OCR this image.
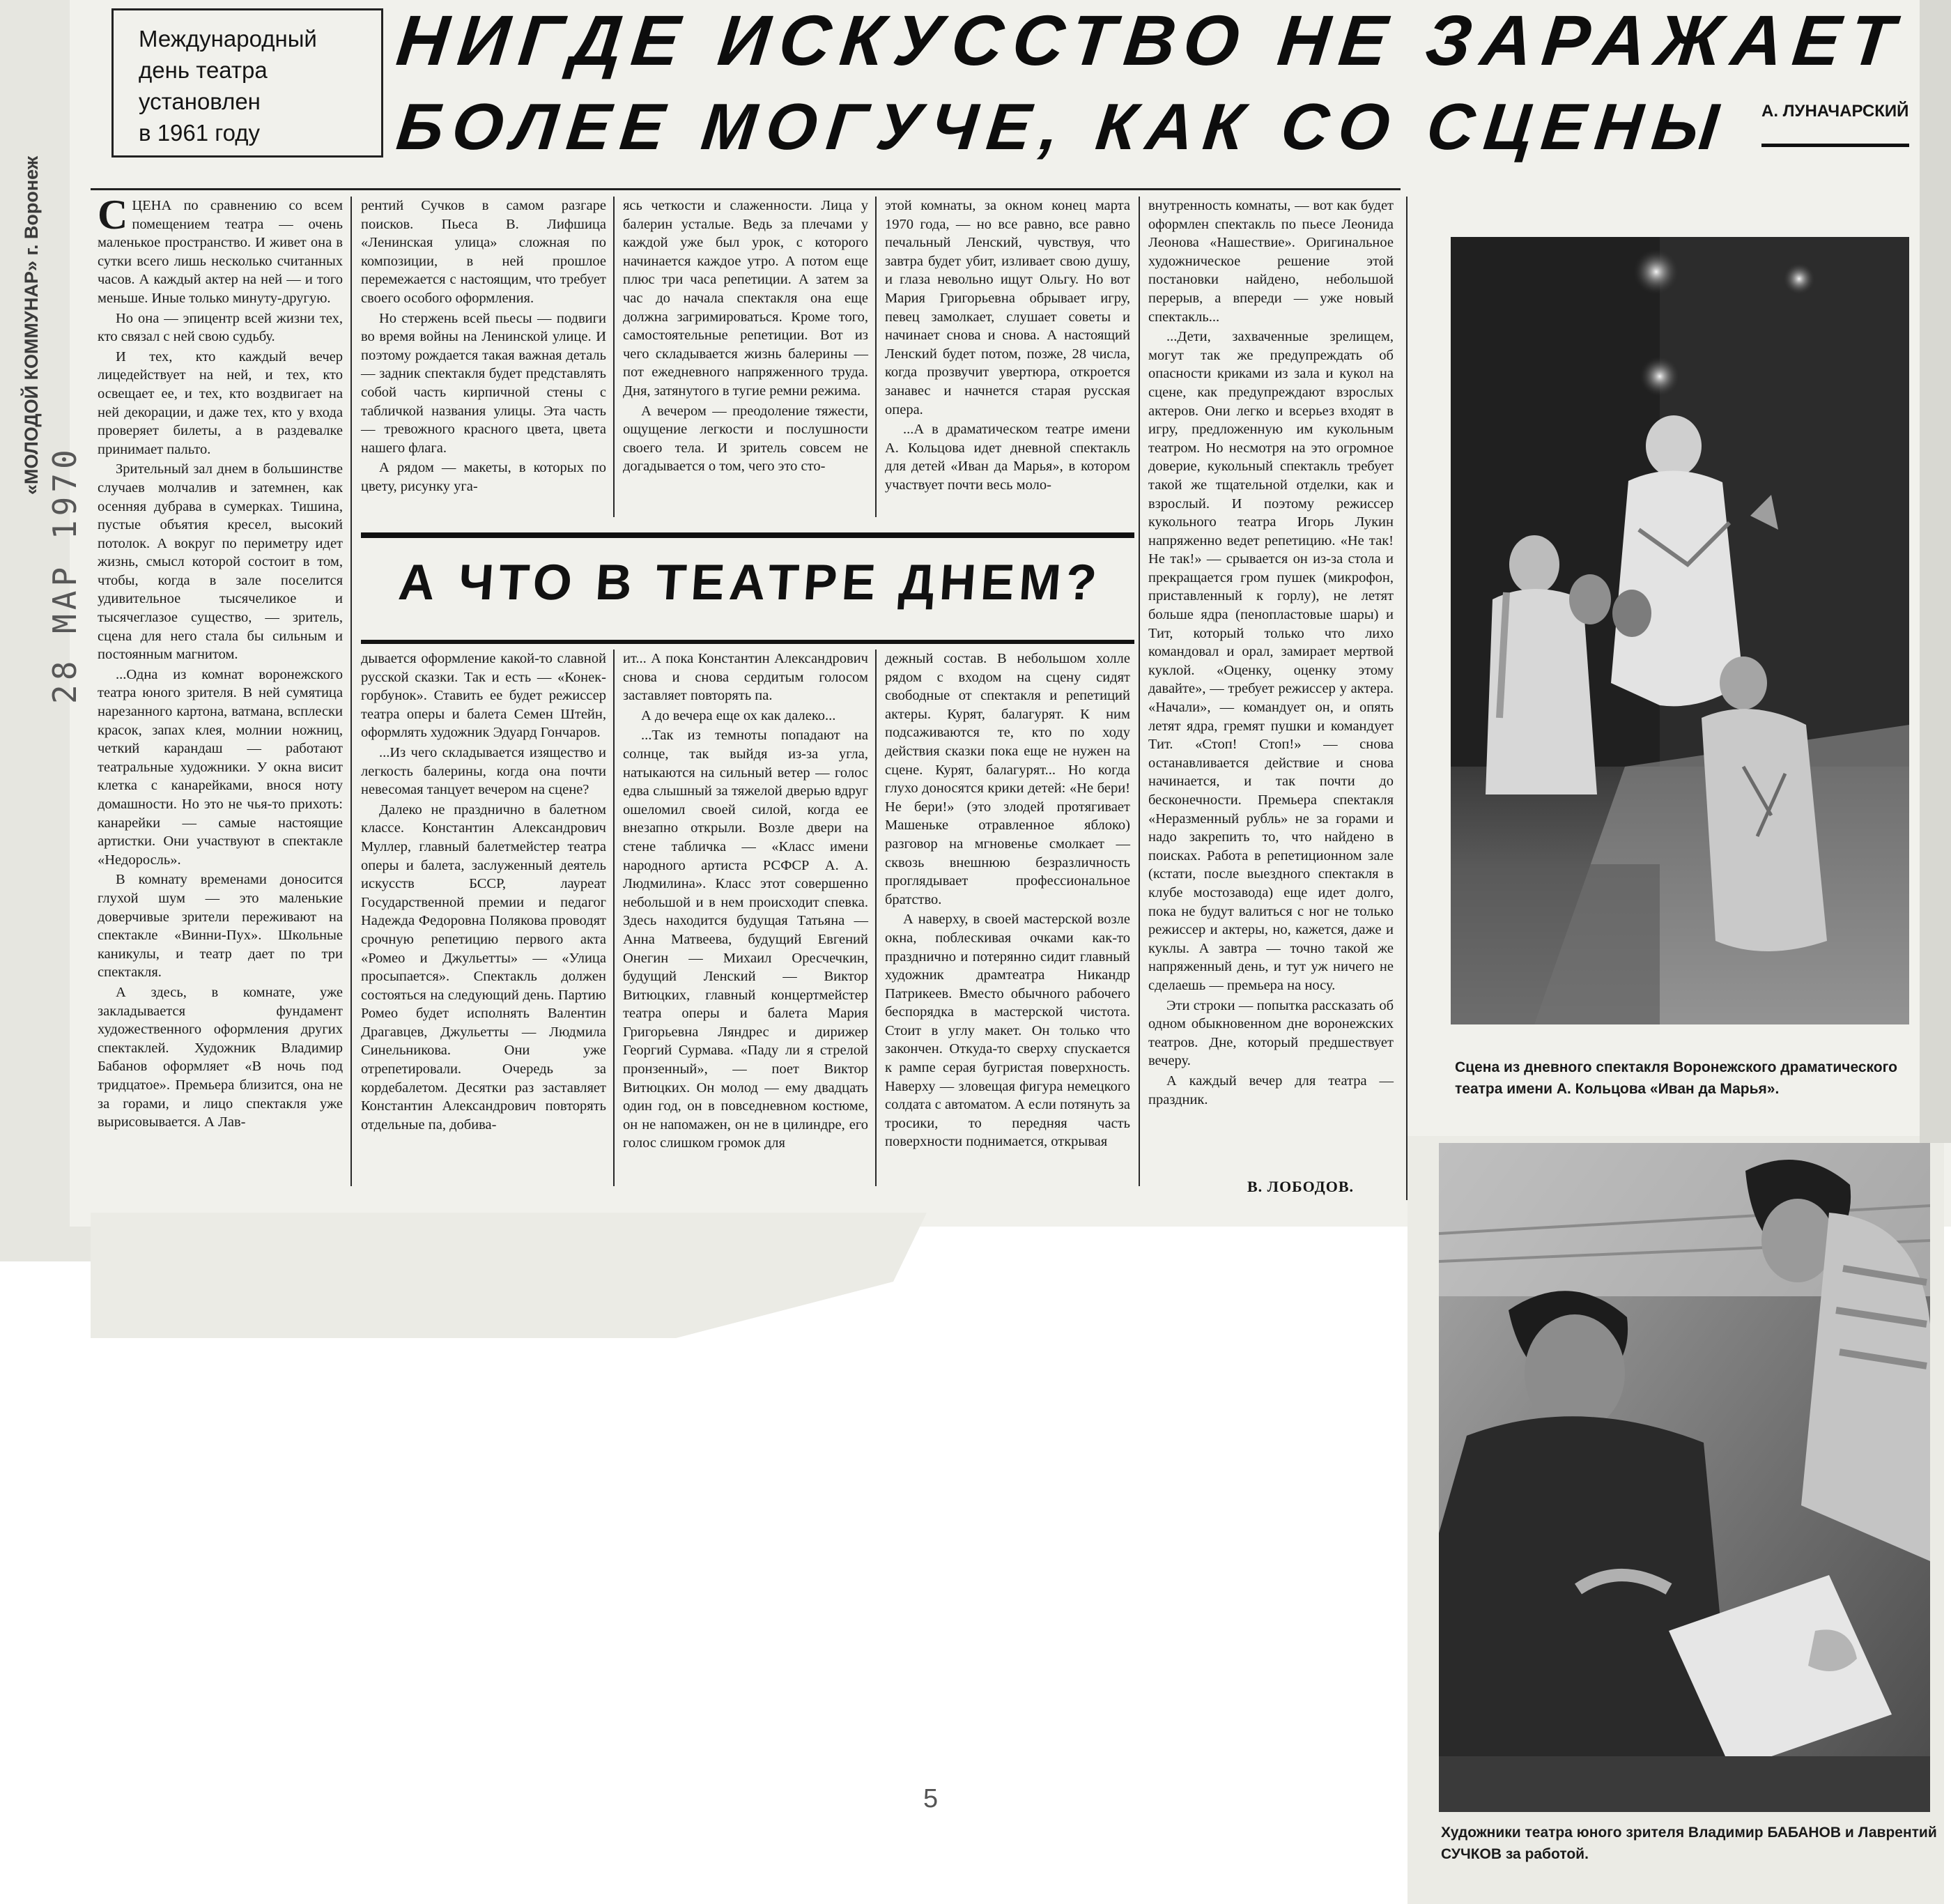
«МОЛОДОЙ КОММУНАР» г. Воронеж
28 МАР 1970
Международный
день театра
установлен
в 1961 году
НИГДЕ ИСКУССТВО НЕ ЗАРАЖАЕТ
БОЛЕЕ МОГУЧЕ, КАК СО СЦЕНЫ А. ЛУНАЧАРСКИЙ

СЦЕНА по сравнению со всем помещением театра — очень маленькое пространство. И живет она в сутки всего лишь несколько считанных часов. А каждый актер на ней — и того меньше. Иные только минуту-другую.

Но она — эпицентр всей жизни тех, кто связал с ней свою судьбу.

И тех, кто каждый вечер лицедействует на ней, и тех, кто освещает ее, и тех, кто воздвигает на ней декорации, и даже тех, кто у входа проверяет билеты, а в раздевалке принимает пальто.

Зрительный зал днем в большинстве случаев молчалив и затемнен, как осенняя дубрава в сумерках. Тишина, пустые объятия кресел, высокий потолок. А вокруг по периметру идет жизнь, смысл которой состоит в том, чтобы, когда в зале поселится удивительное тысячеликое и тысячеглазое существо, — зритель, сцена для него стала бы сильным и постоянным магнитом.

...Одна из комнат воронежского театра юного зрителя. В ней сумятица нарезанного картона, ватмана, всплески красок, запах клея, молнии ножниц, четкий карандаш — работают театральные художники. У окна висит клетка с канарейками, внося ноту домашности. Но это не чья-то прихоть: канарейки — самые настоящие артистки. Они участвуют в спектакле «Недоросль».

В комнату временами доносится глухой шум — это маленькие доверчивые зрители переживают на спектакле «Винни-Пух». Школьные каникулы, и театр дает по три спектакля.

А здесь, в комнате, уже закладывается фундамент художественного оформления других спектаклей. Художник Владимир Бабанов оформляет «В ночь под тридцатое». Премьера близится, она не за горами, и лицо спектакля уже вырисовывается. А Лав-

рентий Сучков в самом разгаре поисков. Пьеса В. Лифшица «Ленинская улица» сложная по композиции, в ней прошлое перемежается с настоящим, что требует своего особого оформления.

Но стержень всей пьесы — подвиги во время войны на Ленинской улице. И поэтому рождается такая важная деталь — задник спектакля будет представлять собой часть кирпичной стены с табличкой названия улицы. Эта часть — тревожного красного цвета, цвета нашего флага.

А рядом — макеты, в которых по цвету, рисунку уга-

ясь четкости и слаженности. Лица у балерин усталые. Ведь за плечами у каждой уже был урок, с которого начинается каждое утро. А потом еще плюс три часа репетиции. А затем за час до начала спектакля она еще должна загримироваться. Кроме того, самостоятельные репетиции. Вот из чего складывается жизнь балерины — пот ежедневного напряженного труда. Дня, затянутого в тугие ремни режима.

А вечером — преодоление тяжести, ощущение легкости и послушности своего тела. И зритель совсем не догадывается о том, чего это сто-

этой комнаты, за окном конец марта 1970 года, — но все равно, все равно печальный Ленский, чувствуя, что завтра будет убит, изливает свою душу, и глаза невольно ищут Ольгу. Но вот Мария Григорьевна обрывает игру, певец замолкает, слушает советы и начинает снова и снова. А настоящий Ленский будет потом, позже, 28 числа, когда прозвучит увертюра, откроется занавес и начнется старая русская опера.

...А в драматическом театре имени А. Кольцова идет дневной спектакль для детей «Иван да Марья», в котором участвует почти весь моло-

А ЧТО В ТЕАТРЕ ДНЕМ?

дывается оформление какой-то славной русской сказки. Так и есть — «Конек-горбунок». Ставить ее будет режиссер театра оперы и балета Семен Штейн, оформлять художник Эдуард Гончаров.

...Из чего складывается изящество и легкость балерины, когда она почти невесомая танцует вечером на сцене?

Далеко не празднично в балетном классе. Константин Александрович Муллер, главный балетмейстер театра оперы и балета, заслуженный деятель искусств БССР, лауреат Государственной премии и педагог Надежда Федоровна Полякова проводят срочную репетицию первого акта «Ромео и Джульетты» — «Улица просыпается». Спектакль должен состояться на следующий день. Партию Ромео будет исполнять Валентин Драгавцев, Джульетты — Людмила Синельникова. Они уже отрепетировали. Очередь за кордебалетом. Десятки раз заставляет Константин Александрович повторять отдельные па, добива-

ит... А пока Константин Александрович снова и снова сердитым голосом заставляет повторять па.

А до вечера еще ох как далеко...

...Так из темноты попадают на солнце, так выйдя из-за угла, натыкаются на сильный ветер — голос едва слышный за тяжелой дверью вдруг ошеломил своей силой, когда ее внезапно открыли. Возле двери на стене табличка — «Класс имени народного артиста РСФСР А. А. Людмилина». Класс этот совершенно небольшой и в нем происходит спевка. Здесь находится будущая Татьяна — Анна Матвеева, будущий Евгений Онегин — Михаил Оресчечкин, будущий Ленский — Виктор Витюцких, главный концертмейстер театра оперы и балета Мария Григорьевна Ляндрес и дирижер Георгий Сурмава. «Паду ли я стрелой пронзенный», — поет Виктор Витюцких. Он молод — ему двадцать один год, он в повседневном костюме, он не напомажен, он не в цилиндре, его голос слишком громок для

дежный состав. В небольшом холле рядом с входом на сцену сидят свободные от спектакля и репетиций актеры. Курят, балагурят. К ним подсаживаются те, кто по ходу действия сказки пока еще не нужен на сцене. Курят, балагурят... Но когда глухо доносятся крики детей: «Не бери! Не бери!» (это злодей протягивает Машеньке отравленное яблоко) разговор на мгновенье смолкает — сквозь внешнюю безразличность проглядывает профессиональное братство.

А наверху, в своей мастерской возле окна, поблескивая очками как-то празднично и потерянно сидит главный художник драмтеатра Никандр Патрикеев. Вместо обычного рабочего беспорядка в мастерской чистота. Стоит в углу макет. Он только что закончен. Откуда-то сверху спускается к рампе серая бугристая поверхность. Наверху — зловещая фигура немецкого солдата с автоматом. А если потянуть за тросики, то передняя часть поверхности поднимается, открывая

внутренность комнаты, — вот как будет оформлен спектакль по пьесе Леонида Леонова «Нашествие». Оригинальное художническое решение этой постановки найдено, небольшой перерыв, а впереди — уже новый спектакль...

...Дети, захваченные зрелищем, могут так же предупреждать об опасности криками из зала и кукол на сцене, как предупреждают взрослых актеров. Они легко и всерьез входят в игру, предложенную им кукольным театром. Но несмотря на это огромное доверие, кукольный спектакль требует такой же тщательной отделки, как и взрослый. И поэтому режиссер кукольного театра Игорь Лукин напряженно ведет репетицию. «Не так! Не так!» — срывается он из-за стола и прекращается гром пушек (микрофон, приставленный к горлу), не летят больше ядра (пенопластовые шары) и Тит, который только что лихо командовал и орал, замирает мертвой куклой. «Оценку, оценку этому давайте», — требует режиссер у актера. «Начали», — командует он, и опять летят ядра, гремят пушки и командует Тит. «Стоп! Стоп!» — снова останавливается действие и снова начинается, и так почти до бесконечности. Премьера спектакля «Неразменный рубль» не за горами и надо закрепить то, что найдено в поисках. Работа в репетиционном зале (кстати, после выездного спектакля в клубе мостозавода) еще идет долго, пока не будут валиться с ног не только режиссер и актеры, но, кажется, даже и куклы. А завтра — точно такой же напряженный день, и тут уж ничего не сделаешь — премьера на носу.

Эти строки — попытка рассказать об одном обыкновенном дне воронежских театров. Дне, который предшествует вечеру.

А каждый вечер для театра — праздник.

В. ЛОБОДОВ.
Сцена из дневного спектакля Воронежского драматического театра имени А. Кольцова «Иван да Марья».
Художники театра юного зрителя Владимир БАБАНОВ и Лаврентий СУЧКОВ за работой.
5
